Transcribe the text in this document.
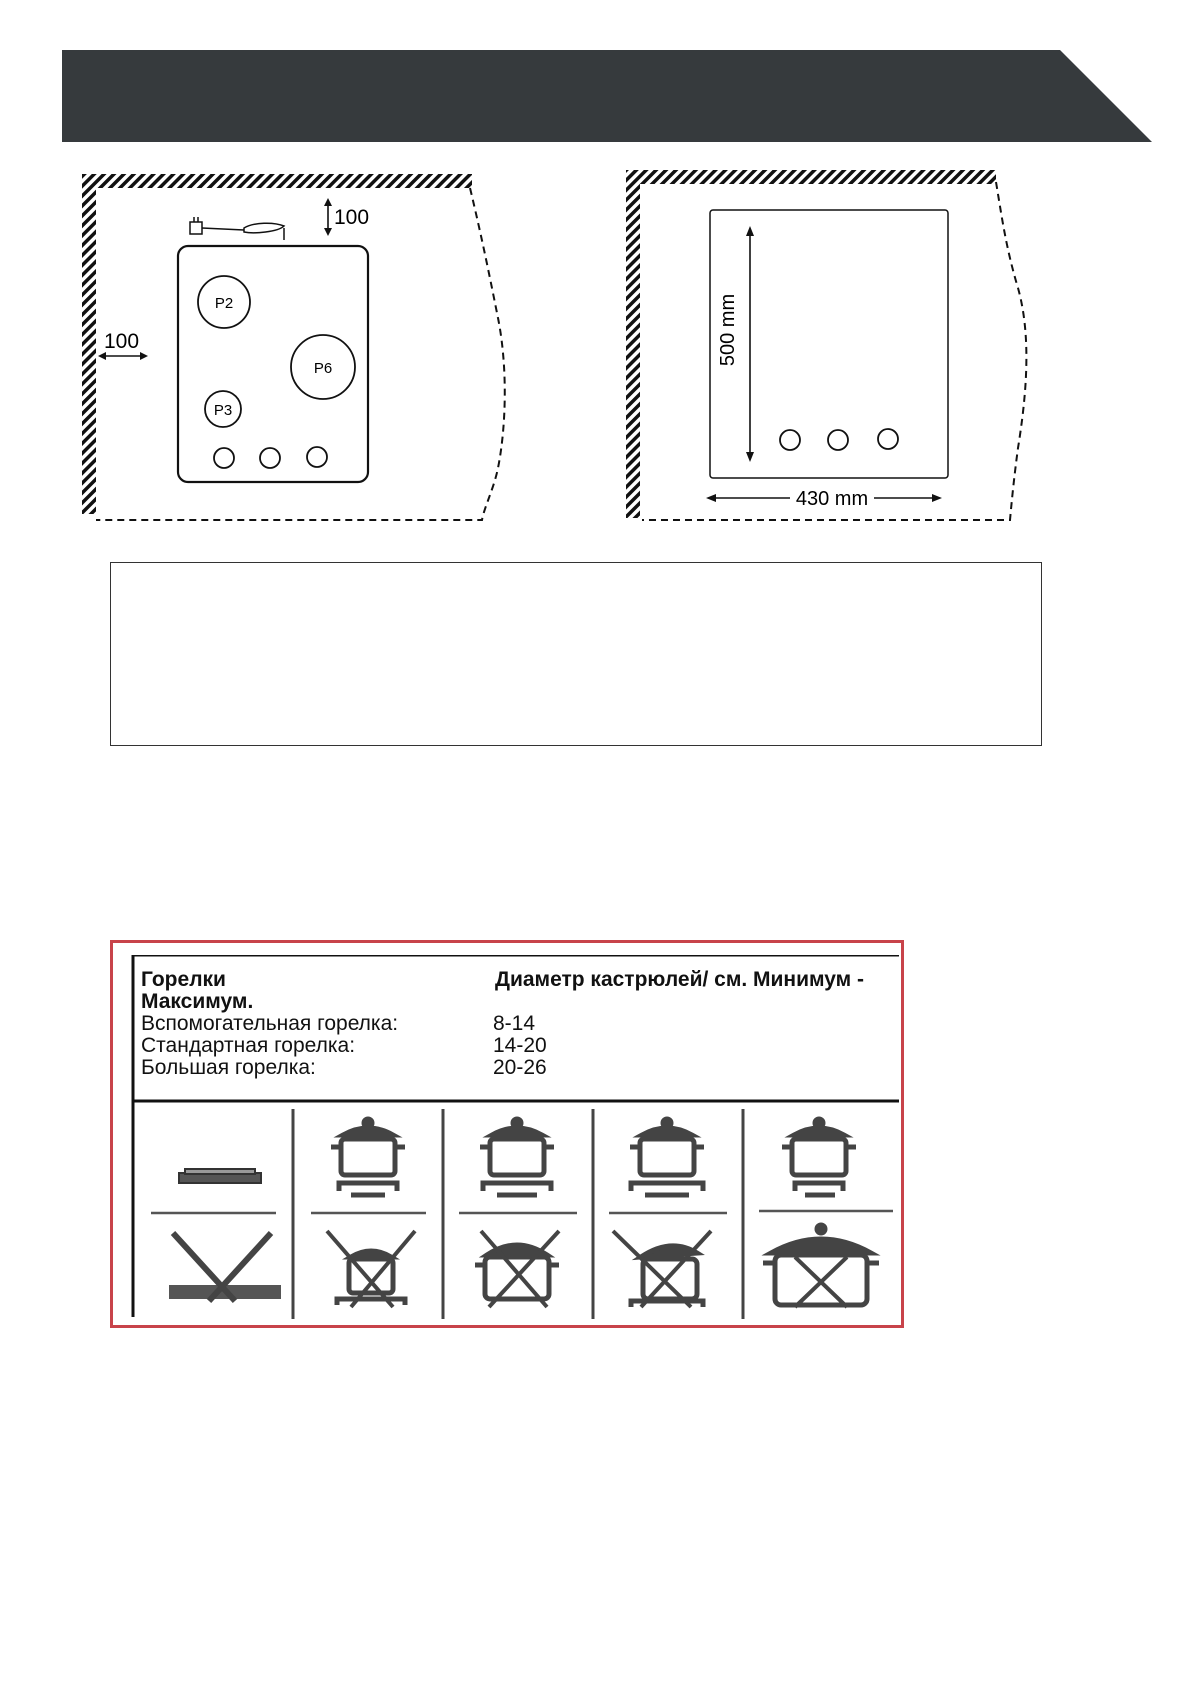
100
100
P2
P6
P3
500 mm
430 mm
Горелки	Диаметр кастрюлей/ см. Минимум -
Максимум.
Вспомогательная горелка:	8-14
Стандартная горелка:	14-20
Большая горелка:	20-26
